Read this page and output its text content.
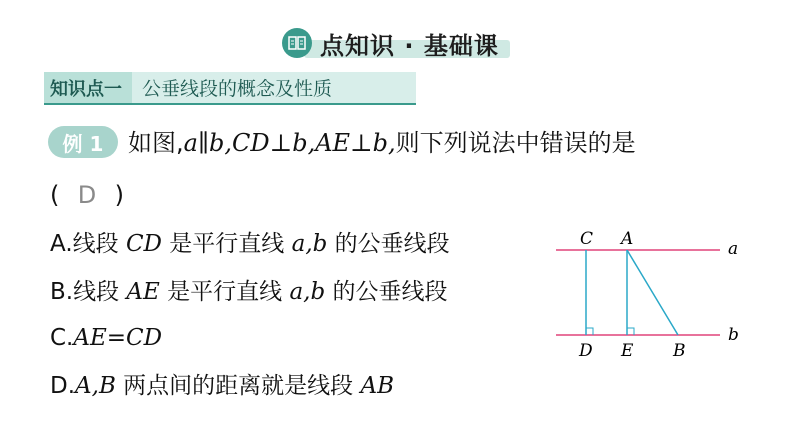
点知识 · 基础课
知识点一	公垂线段的概念及性质
例 1	如图,a∥b,CD⊥b,AE⊥b,则下列说法中错误的是
( D )
A.线段 CD 是平行直线 a,b 的公垂线段
B.线段 AE 是平行直线 a,b 的公垂线段
C.AE=CD
D.A,B 两点间的距离就是线段 AB
C A	a
D E B
b
